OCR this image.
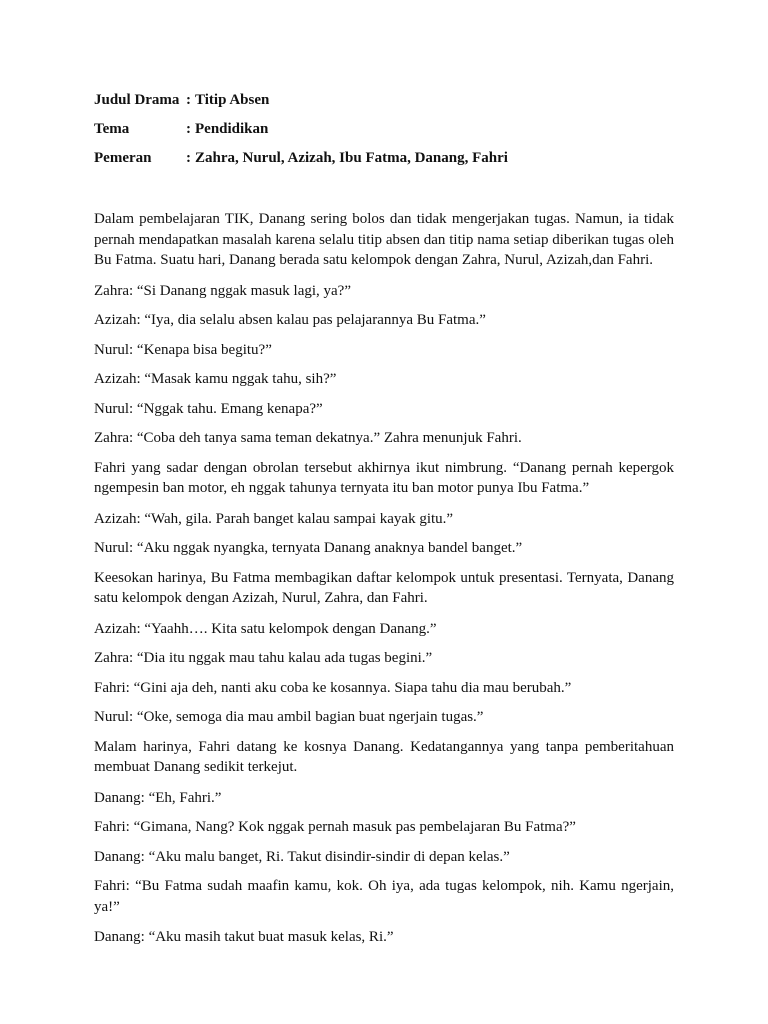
Judul Drama : Titip Absen
Tema	: Pendidikan
Pemeran	: Zahra, Nurul, Azizah, Ibu Fatma, Danang, Fahri

Dalam pembelajaran TIK, Danang sering bolos dan tidak mengerjakan tugas. Namun, ia tidak pernah mendapatkan masalah karena selalu titip absen dan titip nama setiap diberikan tugas oleh Bu Fatma. Suatu hari, Danang berada satu kelompok dengan Zahra, Nurul, Azizah,dan Fahri.

Zahra: “Si Danang nggak masuk lagi, ya?”

Azizah: “Iya, dia selalu absen kalau pas pelajarannya Bu Fatma.”

Nurul: “Kenapa bisa begitu?”

Azizah: “Masak kamu nggak tahu, sih?”

Nurul: “Nggak tahu. Emang kenapa?”

Zahra: “Coba deh tanya sama teman dekatnya.” Zahra menunjuk Fahri.

Fahri yang sadar dengan obrolan tersebut akhirnya ikut nimbrung. “Danang pernah kepergok ngempesin ban motor, eh nggak tahunya ternyata itu ban motor punya Ibu Fatma.”

Azizah: “Wah, gila. Parah banget kalau sampai kayak gitu.”

Nurul: “Aku nggak nyangka, ternyata Danang anaknya bandel banget.”

Keesokan harinya, Bu Fatma membagikan daftar kelompok untuk presentasi. Ternyata, Danang satu kelompok dengan Azizah, Nurul, Zahra, dan Fahri.

Azizah: “Yaahh…. Kita satu kelompok dengan Danang.”

Zahra: “Dia itu nggak mau tahu kalau ada tugas begini.”

Fahri: “Gini aja deh, nanti aku coba ke kosannya. Siapa tahu dia mau berubah.”

Nurul: “Oke, semoga dia mau ambil bagian buat ngerjain tugas.”

Malam harinya, Fahri datang ke kosnya Danang. Kedatangannya yang tanpa pemberitahuan membuat Danang sedikit terkejut.

Danang: “Eh, Fahri.”

Fahri: “Gimana, Nang? Kok nggak pernah masuk pas pembelajaran Bu Fatma?”

Danang: “Aku malu banget, Ri. Takut disindir-sindir di depan kelas.”

Fahri: “Bu Fatma sudah maafin kamu, kok. Oh iya, ada tugas kelompok, nih. Kamu ngerjain, ya!”

Danang: “Aku masih takut buat masuk kelas, Ri.”
